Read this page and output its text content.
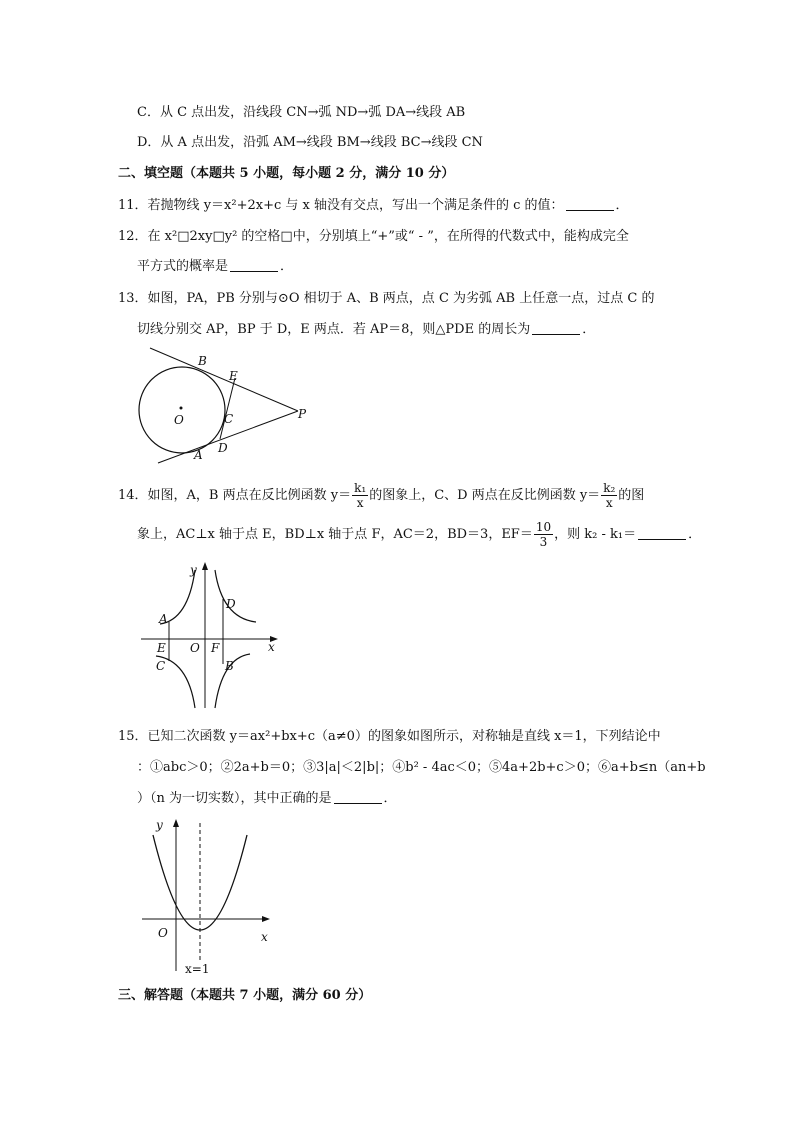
C．从 C 点出发，沿线段 CN→弧 ND→弧 DA→线段 AB
D．从 A 点出发，沿弧 AM→线段 BM→线段 BC→线段 CN
二、填空题（本题共 5 小题，每小题 2 分，满分 10 分）
11．若抛物线 y＝x²+2x+c 与 x 轴没有交点，写出一个满足条件的 c 的值：	．
12．在 x²□2xy□y² 的空格□中，分别填上“+”或“ - ”，在所得的代数式中，能构成完全
平方式的概率是	．
13．如图，PA，PB 分别与⊙O 相切于 A、B 两点，点 C 为劣弧 AB 上任意一点，过点 C 的
切线分别交 AP，BP 于 D，E 两点．若 AP＝8，则△PDE 的周长为	．
B
E
C
O
D
A
P
14．如图，A，B 两点在反比例函数 $y= \frac{\text{k₁}}{x}$ 的图象上，C、D 两点在反比例函数 $y= \frac{\text{k₂}}{x}$ 的图
象上，AC⊥x 轴于点 E，BD⊥x 轴于点 F，AC＝2，BD＝3，$EF= \frac{10}{3}$ ，则 k₂ - k₁＝	．
y
x
A
D
E O F
C	B
15．已知二次函数 y＝ax²+bx+c（a≠0）的图象如图所示，对称轴是直线 x＝1，下列结论中
：①abc＞0；②2a+b＝0；③3|a|＜2|b|；④b² - 4ac＜0；⑤4a+2b+c＞0；⑥a+b≤n（an+b
）（n 为一切实数），其中正确的是	．
y
x
O
x=1
三、解答题（本题共 7 小题，满分 60 分）
